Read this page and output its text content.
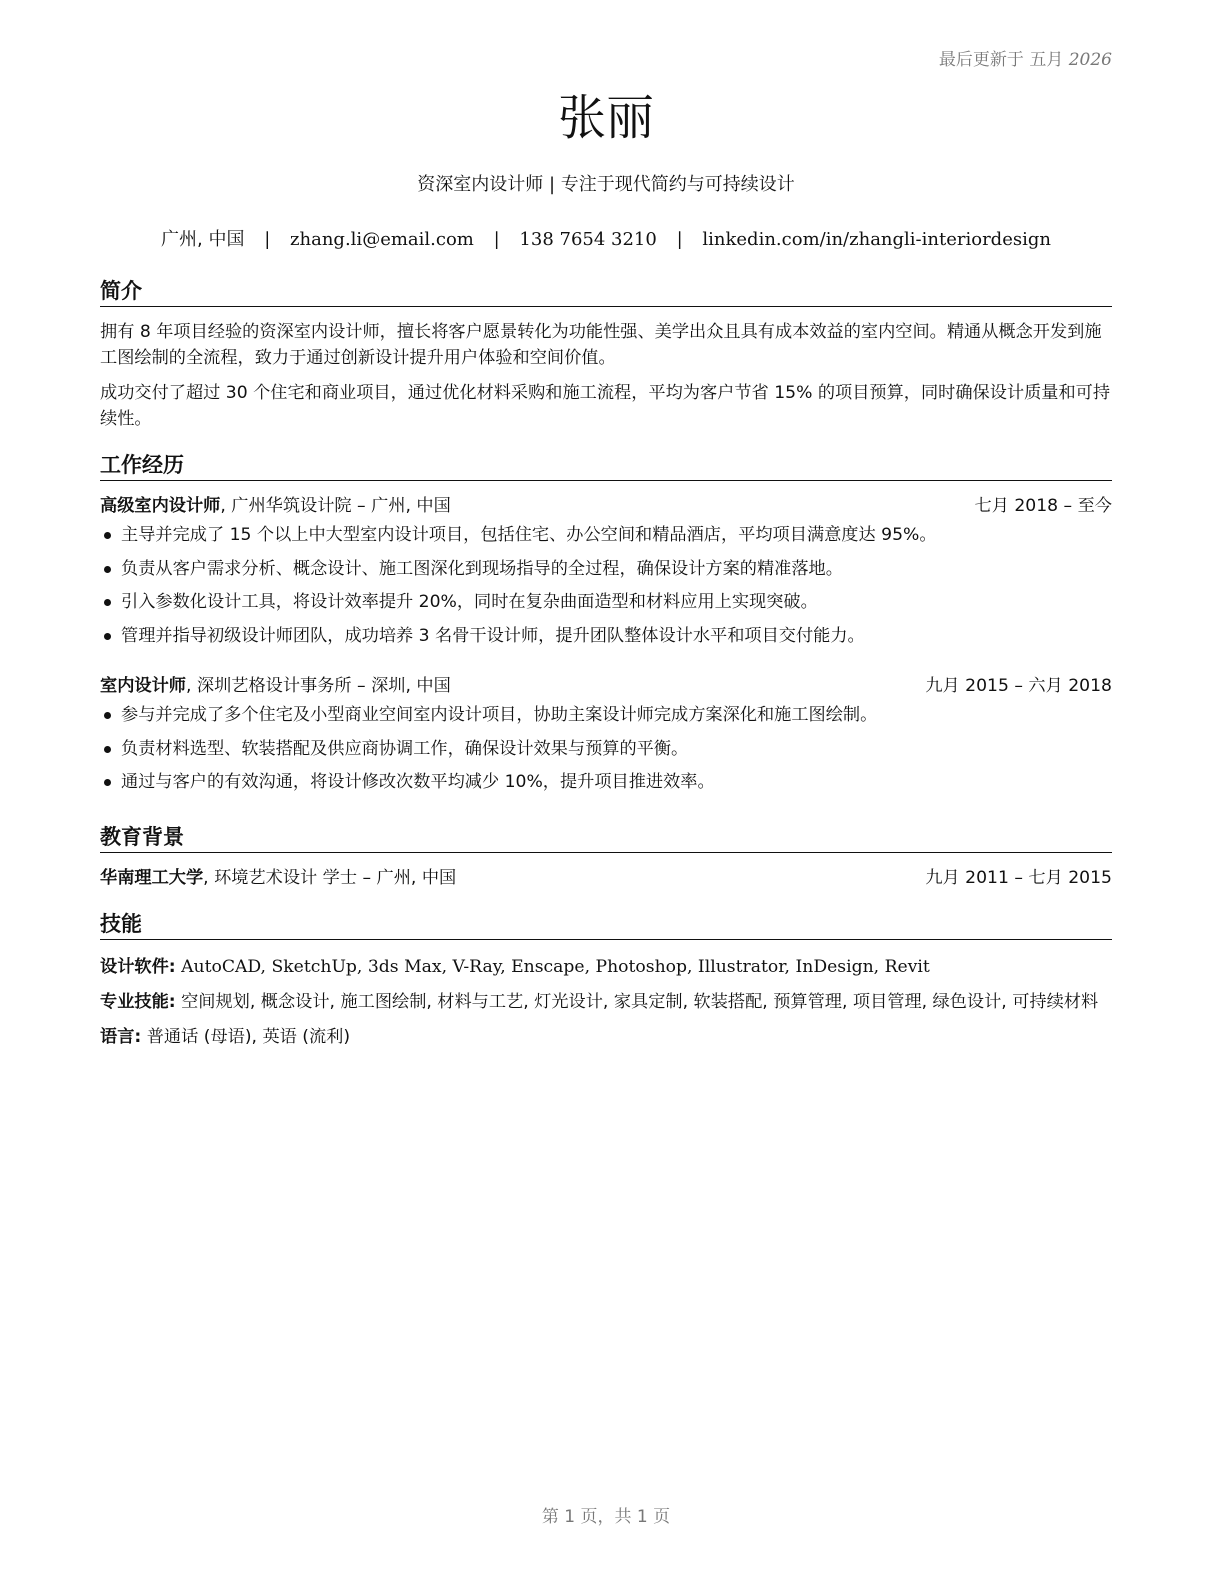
最后更新于 五月 2026
张丽
资深室内设计师 | 专注于现代简约与可持续设计
广州, 中国 | zhang.li@email.com | 138 7654 3210 | linkedin.com/in/zhangli-interiordesign
简介

拥有 8 年项目经验的资深室内设计师，擅长将客户愿景转化为功能性强、美学出众且具有成本效益的室内空间。精通从概念开发到施工图绘制的全流程，致力于通过创新设计提升用户体验和空间价值。

成功交付了超过 30 个住宅和商业项目，通过优化材料采购和施工流程，平均为客户节省 15% 的项目预算，同时确保设计质量和可持续性。

工作经历
高级室内设计师, 广州华筑设计院 – 广州, 中国	七月 2018 – 至今
主导并完成了 15 个以上中大型室内设计项目，包括住宅、办公空间和精品酒店，平均项目满意度达 95%。
负责从客户需求分析、概念设计、施工图深化到现场指导的全过程，确保设计方案的精准落地。
引入参数化设计工具，将设计效率提升 20%，同时在复杂曲面造型和材料应用上实现突破。
管理并指导初级设计师团队，成功培养 3 名骨干设计师，提升团队整体设计水平和项目交付能力。
室内设计师, 深圳艺格设计事务所 – 深圳, 中国	九月 2015 – 六月 2018
参与并完成了多个住宅及小型商业空间室内设计项目，协助主案设计师完成方案深化和施工图绘制。
负责材料选型、软装搭配及供应商协调工作，确保设计效果与预算的平衡。
通过与客户的有效沟通，将设计修改次数平均减少 10%，提升项目推进效率。
教育背景
华南理工大学, 环境艺术设计 学士 – 广州, 中国	九月 2011 – 七月 2015
技能
设计软件: AutoCAD, SketchUp, 3ds Max, V-Ray, Enscape, Photoshop, Illustrator, InDesign, Revit
专业技能: 空间规划, 概念设计, 施工图绘制, 材料与工艺, 灯光设计, 家具定制, 软装搭配, 预算管理, 项目管理, 绿色设计, 可持续材料
语言: 普通话 (母语), 英语 (流利)
第 1 页，共 1 页
